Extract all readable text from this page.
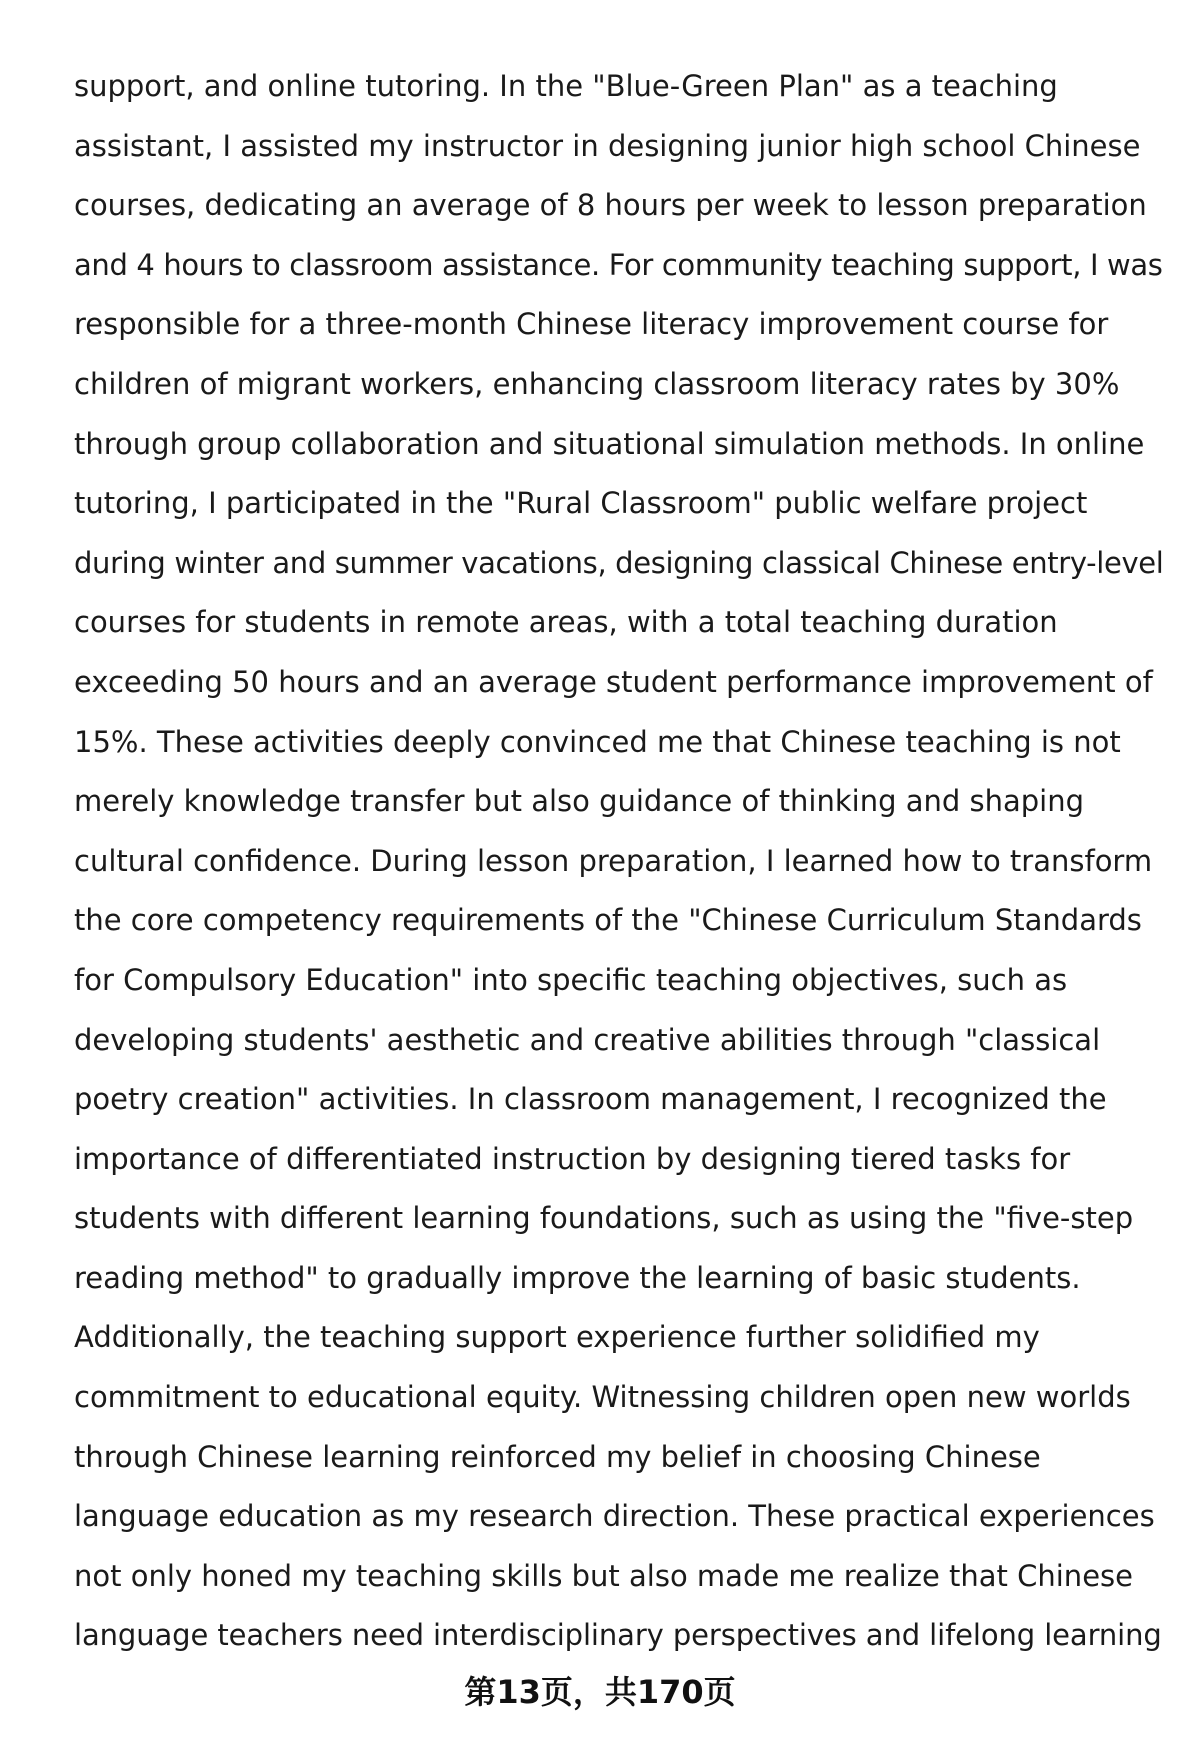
support, and online tutoring. In the "Blue-Green Plan" as a teaching
assistant, I assisted my instructor in designing junior high school Chinese
courses, dedicating an average of 8 hours per week to lesson preparation
and 4 hours to classroom assistance. For community teaching support, I was
responsible for a three-month Chinese literacy improvement course for
children of migrant workers, enhancing classroom literacy rates by 30%
through group collaboration and situational simulation methods. In online
tutoring, I participated in the "Rural Classroom" public welfare project
during winter and summer vacations, designing classical Chinese entry-level
courses for students in remote areas, with a total teaching duration
exceeding 50 hours and an average student performance improvement of
15%. These activities deeply convinced me that Chinese teaching is not
merely knowledge transfer but also guidance of thinking and shaping
cultural confidence. During lesson preparation, I learned how to transform
the core competency requirements of the "Chinese Curriculum Standards
for Compulsory Education" into specific teaching objectives, such as
developing students' aesthetic and creative abilities through "classical
poetry creation" activities. In classroom management, I recognized the
importance of differentiated instruction by designing tiered tasks for
students with different learning foundations, such as using the "five-step
reading method" to gradually improve the learning of basic students.
Additionally, the teaching support experience further solidified my
commitment to educational equity. Witnessing children open new worlds
through Chinese learning reinforced my belief in choosing Chinese
language education as my research direction. These practical experiences
not only honed my teaching skills but also made me realize that Chinese
language teachers need interdisciplinary perspectives and lifelong learning
第13页，共170页
